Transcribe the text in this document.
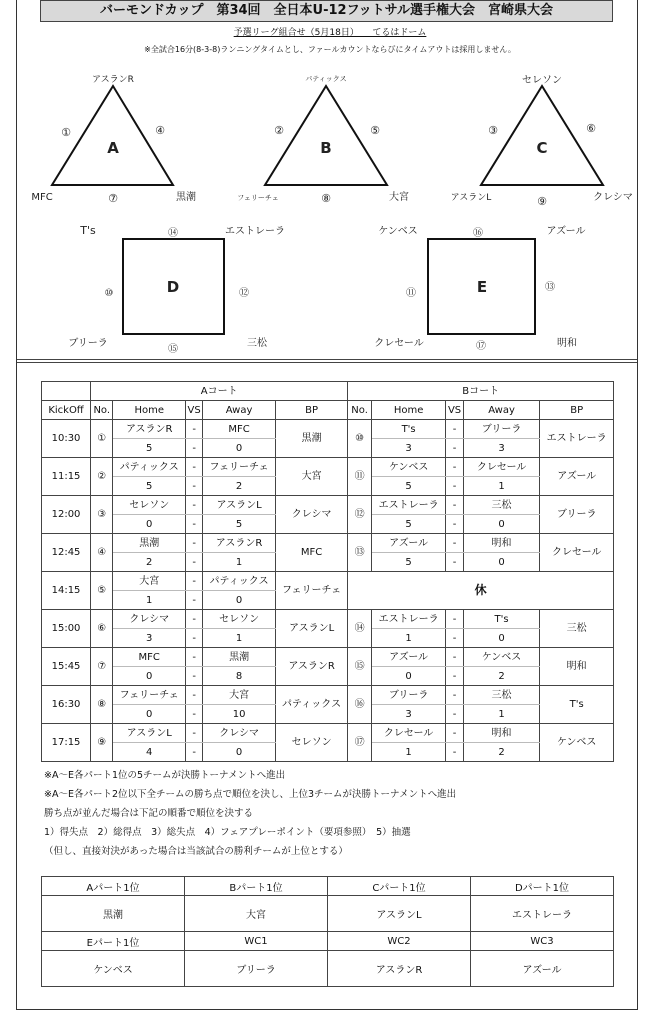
バーモンドカップ　第34回　全日本U-12フットサル選手権大会　宮崎県大会
予選リーグ組合せ（5月18日）　　てるはドーム
※全試合16分(8-3-8)ランニングタイムとし、ファールカウントならびにタイムアウトは採用しません。
A
アスランR
MFC	黒潮
①	④
⑦
B
パティックス
フェリーチェ	大宮
②	⑤
⑧
C
セレソン
アスランL	クレシマ
③	⑥
⑨
D
T's	エストレーラ
ブリーラ	三松
⑭
⑩	⑫
⑮
E
ケンベス	アズール
クレセール	明和
⑯
⑪
⑬
⑰
	Aコート					Bコート				
KickOff	No.	Home	VS	Away	BP	No.	Home	VS	Away	BP
10:30	①	アスランR	-	MFC	黒潮	⑩	T's	-	ブリーラ	エストレーラ
		5	-	0			3	-	3	
11:15	②	パティックス	-	フェリーチェ	大宮	⑪	ケンベス	-	クレセール	アズール
		5	-	2			5	-	1	
12:00	③	セレソン	-	アスランL	クレシマ	⑫	エストレーラ	-	三松	ブリーラ
		0	-	5			5	-	0	
12:45	④	黒潮	-	アスランR	MFC	⑬	アズール	-	明和	クレセール
		2	-	1			5	-	0	
14:15	⑤	大宮	-	パティックス	フェリーチェ	休				
		1	-	0						
15:00	⑥	クレシマ	-	セレソン	アスランL	⑭	エストレーラ	-	T's	三松
		3	-	1			1	-	0	
15:45	⑦	MFC	-	黒潮	アスランR	⑮	アズール	-	ケンベス	明和
		0	-	8			0	-	2	
16:30	⑧	フェリーチェ	-	大宮	パティックス	⑯	ブリーラ	-	三松	T's
		0	-	10			3	-	1	
17:15	⑨	アスランL	-	クレシマ	セレソン	⑰	クレセール	-	明和	ケンベス
		4	-	0			1	-	2	
※A～E各パート1位の5チームが決勝トーナメントへ進出
※A～E各パート2位以下全チームの勝ち点で順位を決し、上位3チームが決勝トーナメントへ進出
勝ち点が並んだ場合は下記の順番で順位を決する
1）得失点　2）総得点　3）総失点　4）フェアプレーポイント（要項参照）　5）抽選
（但し、直接対決があった場合は当該試合の勝利チームが上位とする）
Aパート1位	Bパート1位	Cパート1位	Dパート1位
黒潮	大宮	アスランL	エストレーラ
Eパート1位	WC1	WC2	WC3
ケンベス	ブリーラ	アスランR	アズール
